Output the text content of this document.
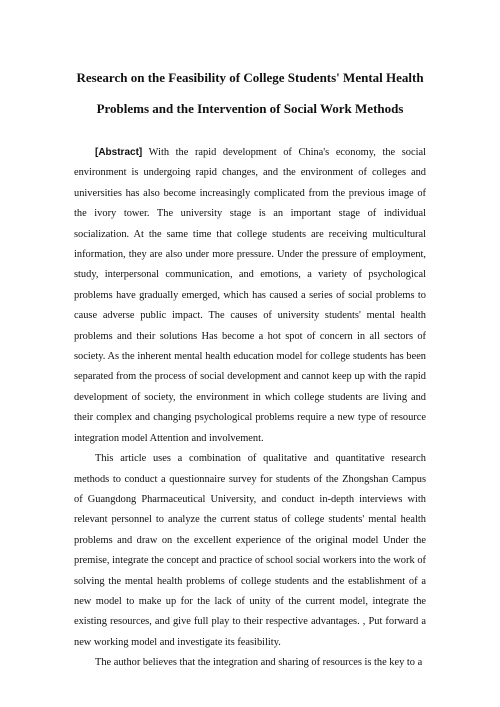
Research on the Feasibility of College Students' Mental Health Problems and the Intervention of Social Work Methods

[Abstract] With the rapid development of China's economy, the social environment is undergoing rapid changes, and the environment of colleges and universities has also become increasingly complicated from the previous image of the ivory tower. The university stage is an important stage of individual socialization. At the same time that college students are receiving multicultural information, they are also under more pressure. Under the pressure of employment, study, interpersonal communication, and emotions, a variety of psychological problems have gradually emerged, which has caused a series of social problems to cause adverse public impact. The causes of university students' mental health problems and their solutions Has become a hot spot of concern in all sectors of society. As the inherent mental health education model for college students has been separated from the process of social development and cannot keep up with the rapid development of society, the environment in which college students are living and their complex and changing psychological problems require a new type of resource integration model Attention and involvement.

This article uses a combination of qualitative and quantitative research methods to conduct a questionnaire survey for students of the Zhongshan Campus of Guangdong Pharmaceutical University, and conduct in-depth interviews with relevant personnel to analyze the current status of college students' mental health problems and draw on the excellent experience of the original model Under the premise, integrate the concept and practice of school social workers into the work of solving the mental health problems of college students and the establishment of a new model to make up for the lack of unity of the current model, integrate the existing resources, and give full play to their respective advantages. , Put forward a new working model and investigate its feasibility.

The author believes that the integration and sharing of resources is the key to a
